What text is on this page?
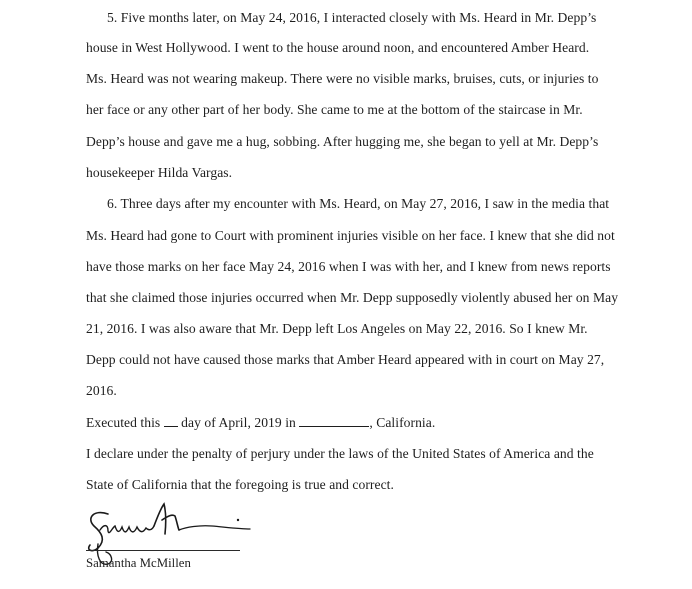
5. Five months later, on May 24, 2016, I interacted closely with Ms. Heard in Mr. Depp’s
house in West Hollywood. I went to the house around noon, and encountered Amber Heard.
Ms. Heard was not wearing makeup. There were no visible marks, bruises, cuts, or injuries to
her face or any other part of her body. She came to me at the bottom of the staircase in Mr.
Depp’s house and gave me a hug, sobbing. After hugging me, she began to yell at Mr. Depp’s
housekeeper Hilda Vargas.
6. Three days after my encounter with Ms. Heard, on May 27, 2016, I saw in the media that
Ms. Heard had gone to Court with prominent injuries visible on her face. I knew that she did not
have those marks on her face May 24, 2016 when I was with her, and I knew from news reports
that she claimed those injuries occurred when Mr. Depp supposedly violently abused her on May
21, 2016. I was also aware that Mr. Depp left Los Angeles on May 22, 2016. So I knew Mr.
Depp could not have caused those marks that Amber Heard appeared with in court on May 27,
2016.
Executed this  day of April, 2019 in	, California.
I declare under the penalty of perjury under the laws of the United States of America and the
State of California that the foregoing is true and correct.
Samantha McMillen
